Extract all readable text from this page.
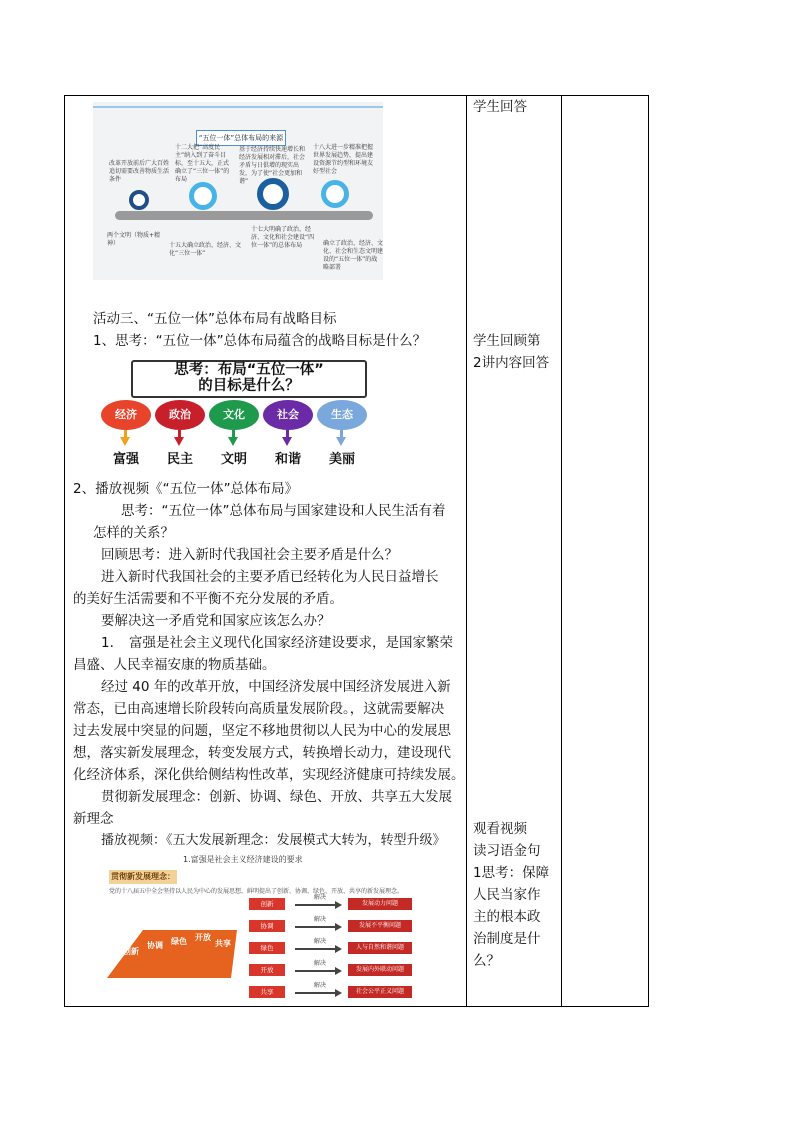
“五位一体”总体布局的来源
改革开放前后广大百姓追切需要改善物质生活条件
十二大把“高度民主”纳入到了奋斗目标，至十五大，正式确立了“三位一体”的布局
基于经济持续快速增长和经济发展相对滞后，社会矛盾与日俱增的现实出发，为了使“社会更加和谐”
十八大进一步精准把握世界发展趋势，提出建设资源节约型和环境友好型社会
两个文明（物质+精神）	十五大确立政治、经济、文化“三位一体”
十七大明确了政治、经济、文化和社会建设“四位一体”的总体布局	确立了政治、经济、文化、社会和生态文明建设的“五位一体”的战略部署
活动三、“五位一体”总体布局有战略目标
1、思考：“五位一体”总体布局蕴含的战略目标是什么？
思考：布局“五位一体”
的目标是什么？
经济	政治	文化	社会	生态
富强	民主	文明	和谐	美丽
2、播放视频《“五位一体”总体布局》
思考：“五位一体”总体布局与国家建设和人民生活有着
怎样的关系？
回顾思考：进入新时代我国社会主要矛盾是什么？
进入新时代我国社会的主要矛盾已经转化为人民日益增长
的美好生活需要和不平衡不充分发展的矛盾。
要解决这一矛盾党和国家应该怎么办？
1. 富强是社会主义现代化国家经济建设要求，是国家繁荣
昌盛、人民幸福安康的物质基础。
经过 40 年的改革开放，中国经济发展中国经济发展进入新
常态，已由高速增长阶段转向高质量发展阶段。，这就需要解决
过去发展中突显的问题，坚定不移地贯彻以人民为中心的发展思
想，落实新发展理念，转变发展方式，转换增长动力，建设现代
化经济体系，深化供给侧结构性改革，实现经济健康可持续发展。
贯彻新发展理念：创新、协调、绿色、开放、共享五大发展
新理念
播放视频：《五大发展新理念：发展模式大转为，转型升级》
1.富强是社会主义经济建设的要求
贯彻新发展理念：
党的十八届五中全会坚持以人民为中心的发展思想，鲜明提出了创新、协调、绿色、开放、共享的新发展理念。
创新
协调 绿色 开放
共享
创新
解决
发展动力问题
协调
解决
发展不平衡问题
绿色
解决
人与自然和谐问题
开放
解决
发展内外联动问题
共享
解决
社会公平正义问题
学生回答
学生回顾第
2讲内容回答
观看视频
读习语金句
1思考：保障
人民当家作
主的根本政
治制度是什
么？
